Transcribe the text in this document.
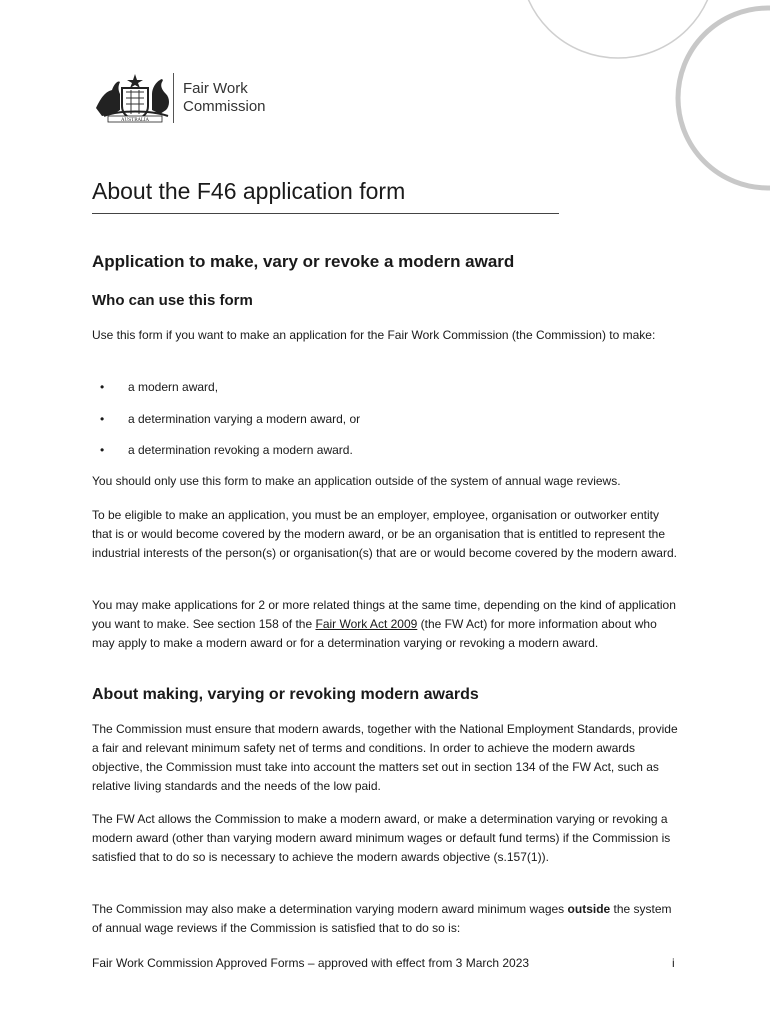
AUSTRALIA
Fair Work
Commission
About the F46 application form
Application to make, vary or revoke a modern award
Who can use this form

Use this form if you want to make an application for the Fair Work Commission (the Commission) to make:

• a modern award,
• a determination varying a modern award, or
• a determination revoking a modern award.

You should only use this form to make an application outside of the system of annual wage reviews.

To be eligible to make an application, you must be an employer, employee, organisation or outworker entity that is or would become covered by the modern award, or be an organisation that is entitled to represent the industrial interests of the person(s) or organisation(s) that are or would become covered by the modern award.

You may make applications for 2 or more related things at the same time, depending on the kind of application you want to make. See section 158 of the Fair Work Act 2009 (the FW Act) for more information about who may apply to make a modern award or for a determination varying or revoking a modern award.

About making, varying or revoking modern awards

The Commission must ensure that modern awards, together with the National Employment Standards, provide a fair and relevant minimum safety net of terms and conditions. In order to achieve the modern awards objective, the Commission must take into account the matters set out in section 134 of the FW Act, such as relative living standards and the needs of the low paid.

The FW Act allows the Commission to make a modern award, or make a determination varying or revoking a modern award (other than varying modern award minimum wages or default fund terms) if the Commission is satisfied that to do so is necessary to achieve the modern awards objective (s.157(1)).

The Commission may also make a determination varying modern award minimum wages outside the system of annual wage reviews if the Commission is satisfied that to do so is:

Fair Work Commission Approved Forms – approved with effect from 3 March 2023	i
